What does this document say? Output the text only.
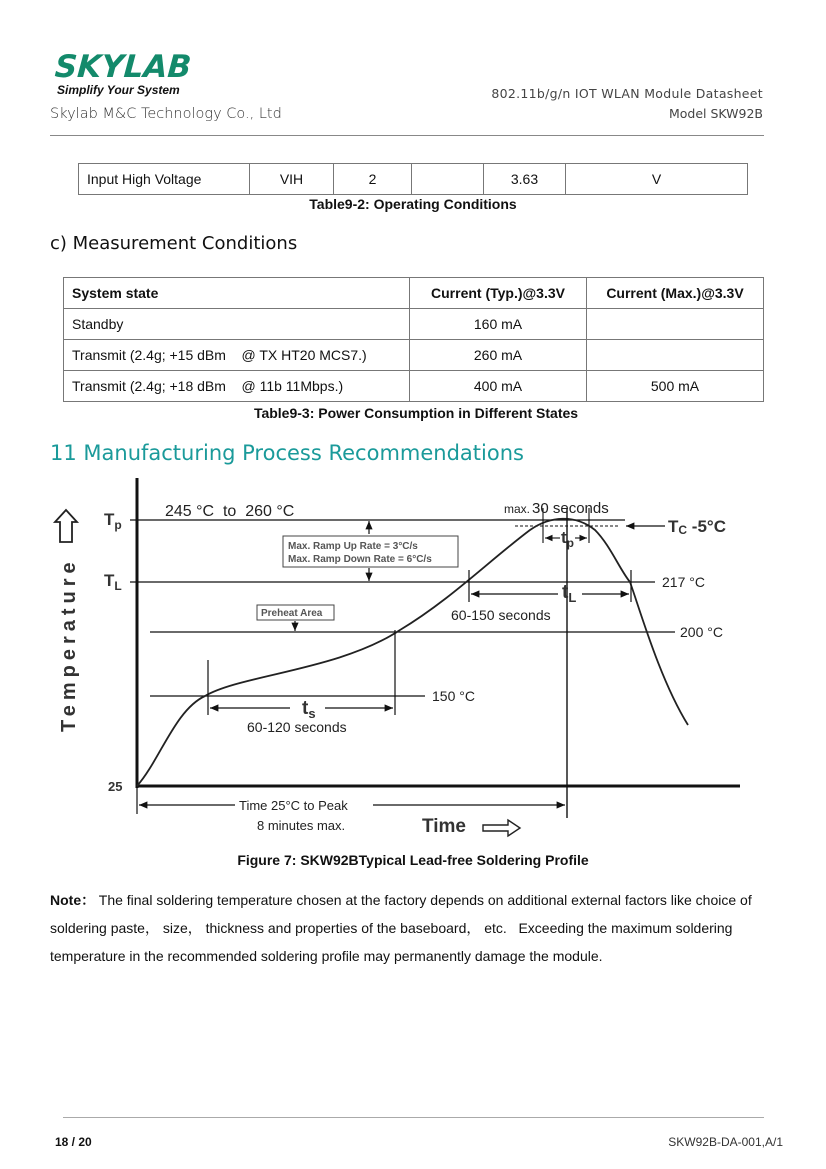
SKYLAB
Simplify Your System
Skylab M&C Technology Co., Ltd
802.11b/g/n IOT WLAN Module Datasheet
Model SKW92B
Input High Voltage	VIH	2		3.63	V
Table9-2: Operating Conditions
c) Measurement Conditions
System state	Current (Typ.)@3.3V	Current (Max.)@3.3V
Standby	160 mA	
Transmit (2.4g; +15 dBm    @ TX HT20 MCS7.)	260 mA	
Transmit (2.4g; +18 dBm    @ 11b 11Mbps.)	400 mA	500 mA
Table9-3: Power Consumption in Different States
11 Manufacturing Process Recommendations
Temperature
$T_p$
$T_L$
25
245 °C  to  260 °C
217 °C
200 °C
150 °C
TC -5°C
Max. Ramp Up Rate = 3°C/s
Max. Ramp Down Rate = 6°C/s
Preheat Area
$t_s$
60-120 seconds
$t_L$
60-150 seconds
$t_p$
max. 30 seconds
Time 25°C to Peak
8 minutes max.	Time
Figure 7: SKW92BTypical Lead-free Soldering Profile
Note： The final soldering temperature chosen at the factory depends on additional external factors like choice of soldering paste， size， thickness and properties of the baseboard， etc.   Exceeding the maximum soldering temperature in the recommended soldering profile may permanently damage the module.
18 / 20	SKW92B-DA-001,A/1
